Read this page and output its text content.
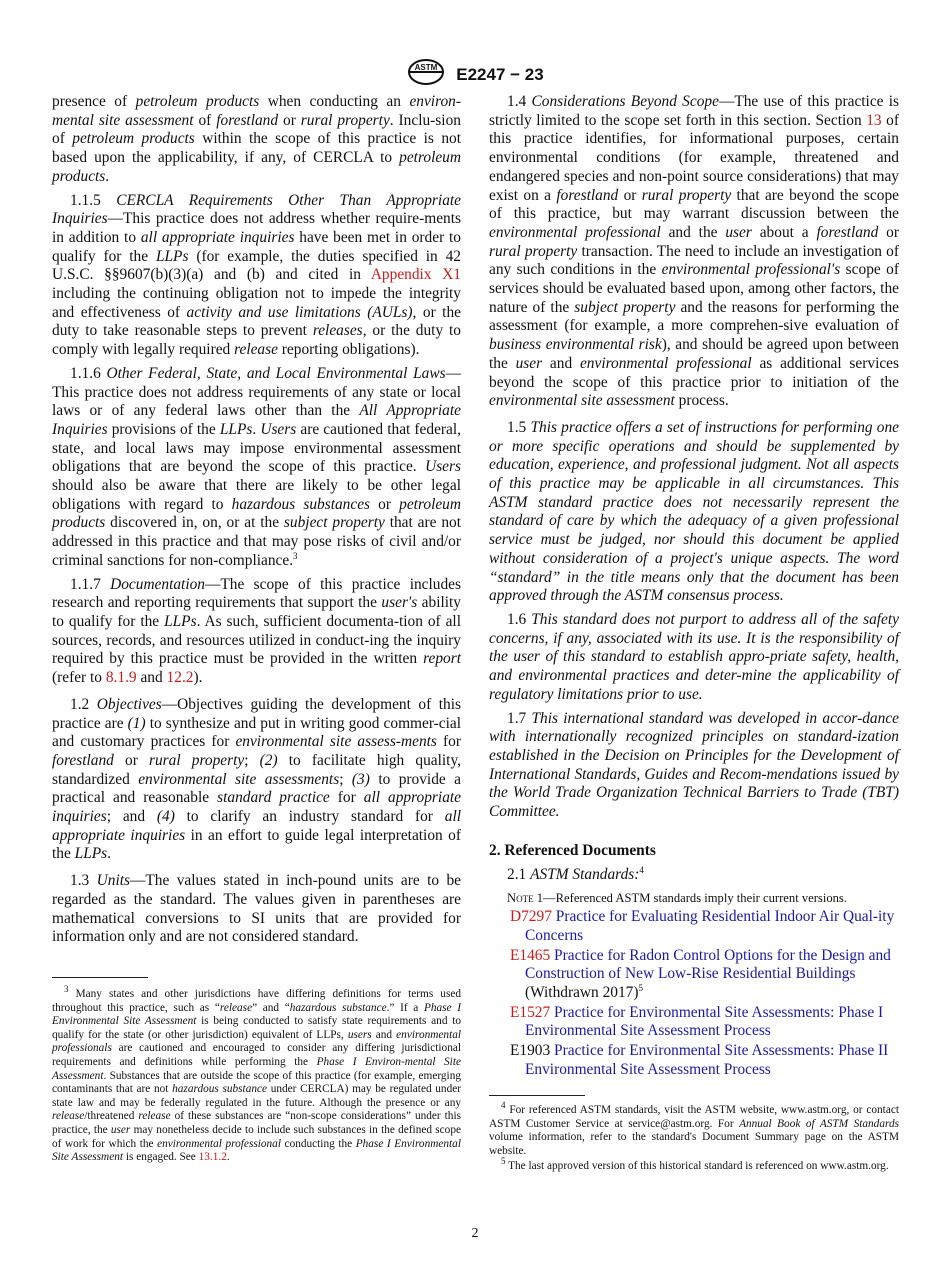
ASTM E2247 − 23

presence of petroleum products when conducting an environ-mental site assessment of forestland or rural property. Inclu-sion of petroleum products within the scope of this practice is not based upon the applicability, if any, of CERCLA to petroleum products.

1.1.5 CERCLA Requirements Other Than Appropriate Inquiries—This practice does not address whether require-ments in addition to all appropriate inquiries have been met in order to qualify for the LLPs (for example, the duties specified in 42 U.S.C. §§9607(b)(3)(a) and (b) and cited in Appendix X1 including the continuing obligation not to impede the integrity and effectiveness of activity and use limitations (AULs), or the duty to take reasonable steps to prevent releases, or the duty to comply with legally required release reporting obligations).

1.1.6 Other Federal, State, and Local Environmental Laws—This practice does not address requirements of any state or local laws or of any federal laws other than the All Appropriate Inquiries provisions of the LLPs. Users are cautioned that federal, state, and local laws may impose environmental assessment obligations that are beyond the scope of this practice. Users should also be aware that there are likely to be other legal obligations with regard to hazardous substances or petroleum products discovered in, on, or at the subject property that are not addressed in this practice and that may pose risks of civil and/or criminal sanctions for non-compliance.$^3$

1.1.7 Documentation—The scope of this practice includes research and reporting requirements that support the user's ability to qualify for the LLPs. As such, sufficient documenta-tion of all sources, records, and resources utilized in conduct-ing the inquiry required by this practice must be provided in the written report (refer to 8.1.9 and 12.2).

1.2 Objectives—Objectives guiding the development of this practice are (1) to synthesize and put in writing good commer-cial and customary practices for environmental site assess-ments for forestland or rural property; (2) to facilitate high quality, standardized environmental site assessments; (3) to provide a practical and reasonable standard practice for all appropriate inquiries; and (4) to clarify an industry standard for all appropriate inquiries in an effort to guide legal interpretation of the LLPs.

1.3 Units—The values stated in inch-pound units are to be regarded as the standard. The values given in parentheses are mathematical conversions to SI units that are provided for information only and are not considered standard.

$^3$ Many states and other jurisdictions have differing definitions for terms used throughout this practice, such as “release” and “hazardous substance.” If a Phase I Environmental Site Assessment is being conducted to satisfy state requirements and to qualify for the state (or other jurisdiction) equivalent of LLPs, users and environmental professionals are cautioned and encouraged to consider any differing jurisdictional requirements and definitions while performing the Phase I Environ-mental Site Assessment. Substances that are outside the scope of this practice (for example, emerging contaminants that are not hazardous substance under CERCLA) may be regulated under state law and may be federally regulated in the future. Although the presence or any release/threatened release of these substances are “non-scope considerations” under this practice, the user may nonetheless decide to include such substances in the defined scope of work for which the environmental professional conducting the Phase I Environmental Site Assessment is engaged. See 13.1.2.

1.4 Considerations Beyond Scope—The use of this practice is strictly limited to the scope set forth in this section. Section 13 of this practice identifies, for informational purposes, certain environmental conditions (for example, threatened and endangered species and non-point source considerations) that may exist on a forestland or rural property that are beyond the scope of this practice, but may warrant discussion between the environmental professional and the user about a forestland or rural property transaction. The need to include an investigation of any such conditions in the environmental professional's scope of services should be evaluated based upon, among other factors, the nature of the subject property and the reasons for performing the assessment (for example, a more comprehen-sive evaluation of business environmental risk), and should be agreed upon between the user and environmental professional as additional services beyond the scope of this practice prior to initiation of the environmental site assessment process.

1.5 This practice offers a set of instructions for performing one or more specific operations and should be supplemented by education, experience, and professional judgment. Not all aspects of this practice may be applicable in all circumstances. This ASTM standard practice does not necessarily represent the standard of care by which the adequacy of a given professional service must be judged, nor should this document be applied without consideration of a project's unique aspects. The word “standard” in the title means only that the document has been approved through the ASTM consensus process.

1.6 This standard does not purport to address all of the safety concerns, if any, associated with its use. It is the responsibility of the user of this standard to establish appro-priate safety, health, and environmental practices and deter-mine the applicability of regulatory limitations prior to use.

1.7 This international standard was developed in accor-dance with internationally recognized principles on standard-ization established in the Decision on Principles for the Development of International Standards, Guides and Recom-mendations issued by the World Trade Organization Technical Barriers to Trade (TBT) Committee.

2. Referenced Documents

2.1 ASTM Standards:$^4$

Note 1—Referenced ASTM standards imply their current versions.

D7297 Practice for Evaluating Residential Indoor Air Qual-ity Concerns
E1465 Practice for Radon Control Options for the Design and Construction of New Low-Rise Residential Buildings (Withdrawn 2017)$^5$
E1527 Practice for Environmental Site Assessments: Phase I Environmental Site Assessment Process
E1903 Practice for Environmental Site Assessments: Phase II Environmental Site Assessment Process

$^4$ For referenced ASTM standards, visit the ASTM website, www.astm.org, or contact ASTM Customer Service at service@astm.org. For Annual Book of ASTM Standards volume information, refer to the standard's Document Summary page on the ASTM website.

$^5$ The last approved version of this historical standard is referenced on www.astm.org.

2
